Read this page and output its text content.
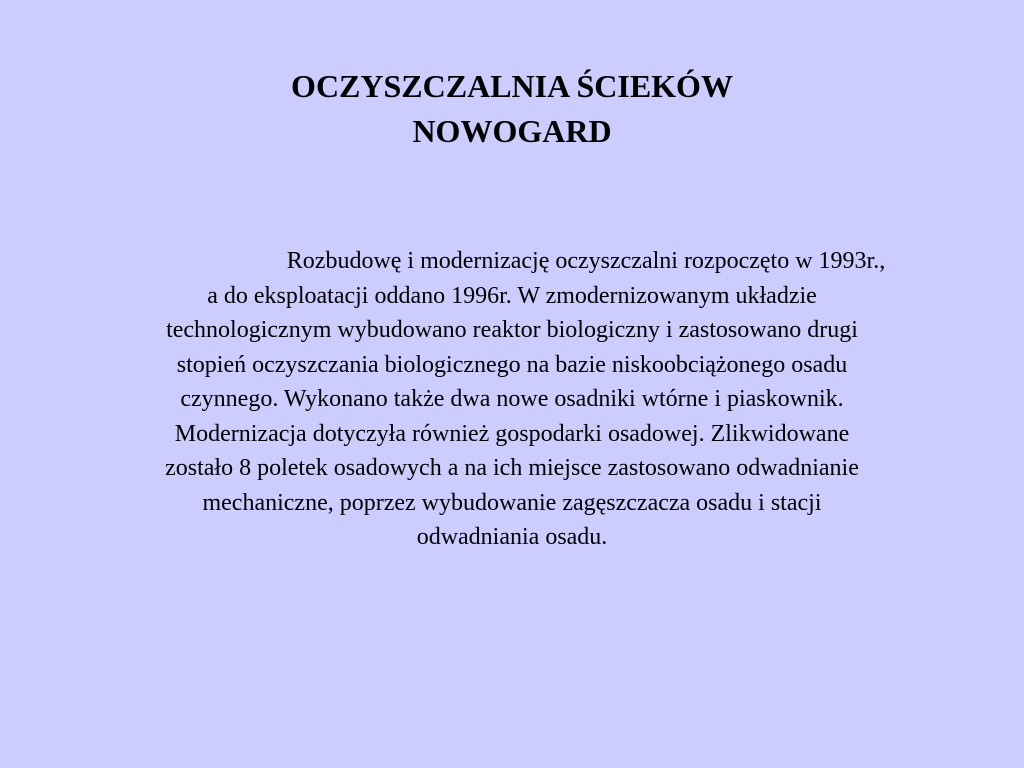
OCZYSZCZALNIA ŚCIEKÓW
NOWOGARD
Rozbudowę i modernizację oczyszczalni rozpoczęto w 1993r.,
a do eksploatacji oddano 1996r. W zmodernizowanym układzie
technologicznym wybudowano reaktor biologiczny i zastosowano drugi
stopień oczyszczania biologicznego na bazie niskoobciążonego osadu
czynnego. Wykonano także dwa nowe osadniki wtórne i piaskownik.
Modernizacja dotyczyła również gospodarki osadowej. Zlikwidowane
zostało 8 poletek osadowych a na ich miejsce zastosowano odwadnianie
mechaniczne, poprzez wybudowanie zagęszczacza osadu i stacji
odwadniania osadu.
